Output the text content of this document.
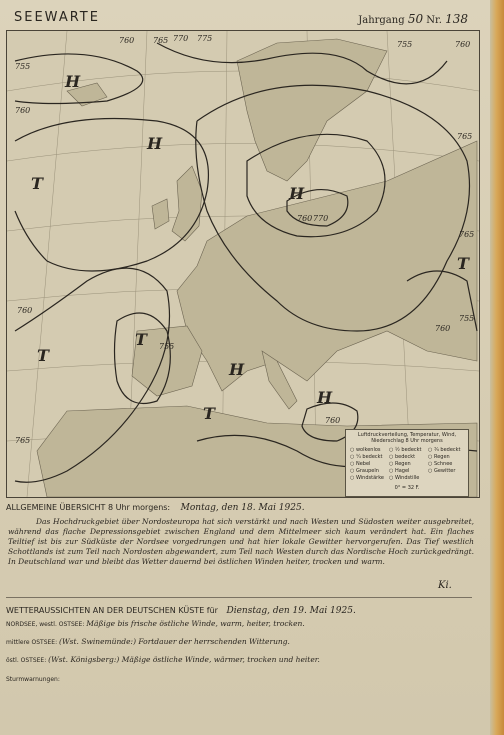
SEEWARTE	Jahrgang 50 Nr. 138
H
H
H
T
T
T
H
T
T
H
755
760 765 770 775
760
755	760
765
765
755
760
765
755
760 770
760
760
Luftdruckverteilung, Temperatur, Wind, Niederschlag 8 Uhr morgens
○ wolkenlos	○ ½ bedeckt	○ ¾ bedeckt
○ ¼ bedeckt	○ bedeckt	○ Regen
○ Nebel	○ Regen	○ Schnee
○ Graupeln	○ Hagel	○ Gewitter
○ Windstärke	○ Windstille
0° = 32 F.
ALLGEMEINE ÜBERSICHT 8 Uhr morgens: Montag, den 18. Mai 1925.
Das Hochdruckgebiet über Nordosteuropa hat sich verstärkt und nach Westen und Südosten weiter ausgebreitet, während das flache Depressionsgebiet zwischen England und dem Mittelmeer sich kaum verändert hat. Ein flaches Teiltief ist bis zur Südküste der Nordsee vorgedrungen und hat hier lokale Gewitter hervorgerufen. Das Tief westlich Schottlands ist zum Teil nach Nordosten abgewandert, zum Teil nach Westen durch das Nordische Hoch zurückgedrängt. In Deutschland war und bleibt das Wetter dauernd bei östlichen Winden heiter, trocken und warm.
Ki.
WETTERAUSSICHTEN AN DER DEUTSCHEN KÜSTE für Dienstag, den 19. Mai 1925.
NORDSEE, westl. OSTSEE: Mäßige bis frische östliche Winde, warm, heiter, trocken.
mittlere OSTSEE: (Wst. Swinemünde:) Fortdauer der herrschenden Witterung.
östl. OSTSEE: (Wst. Königsberg:) Mäßige östliche Winde, wärmer, trocken und heiter.
Sturmwarnungen:
